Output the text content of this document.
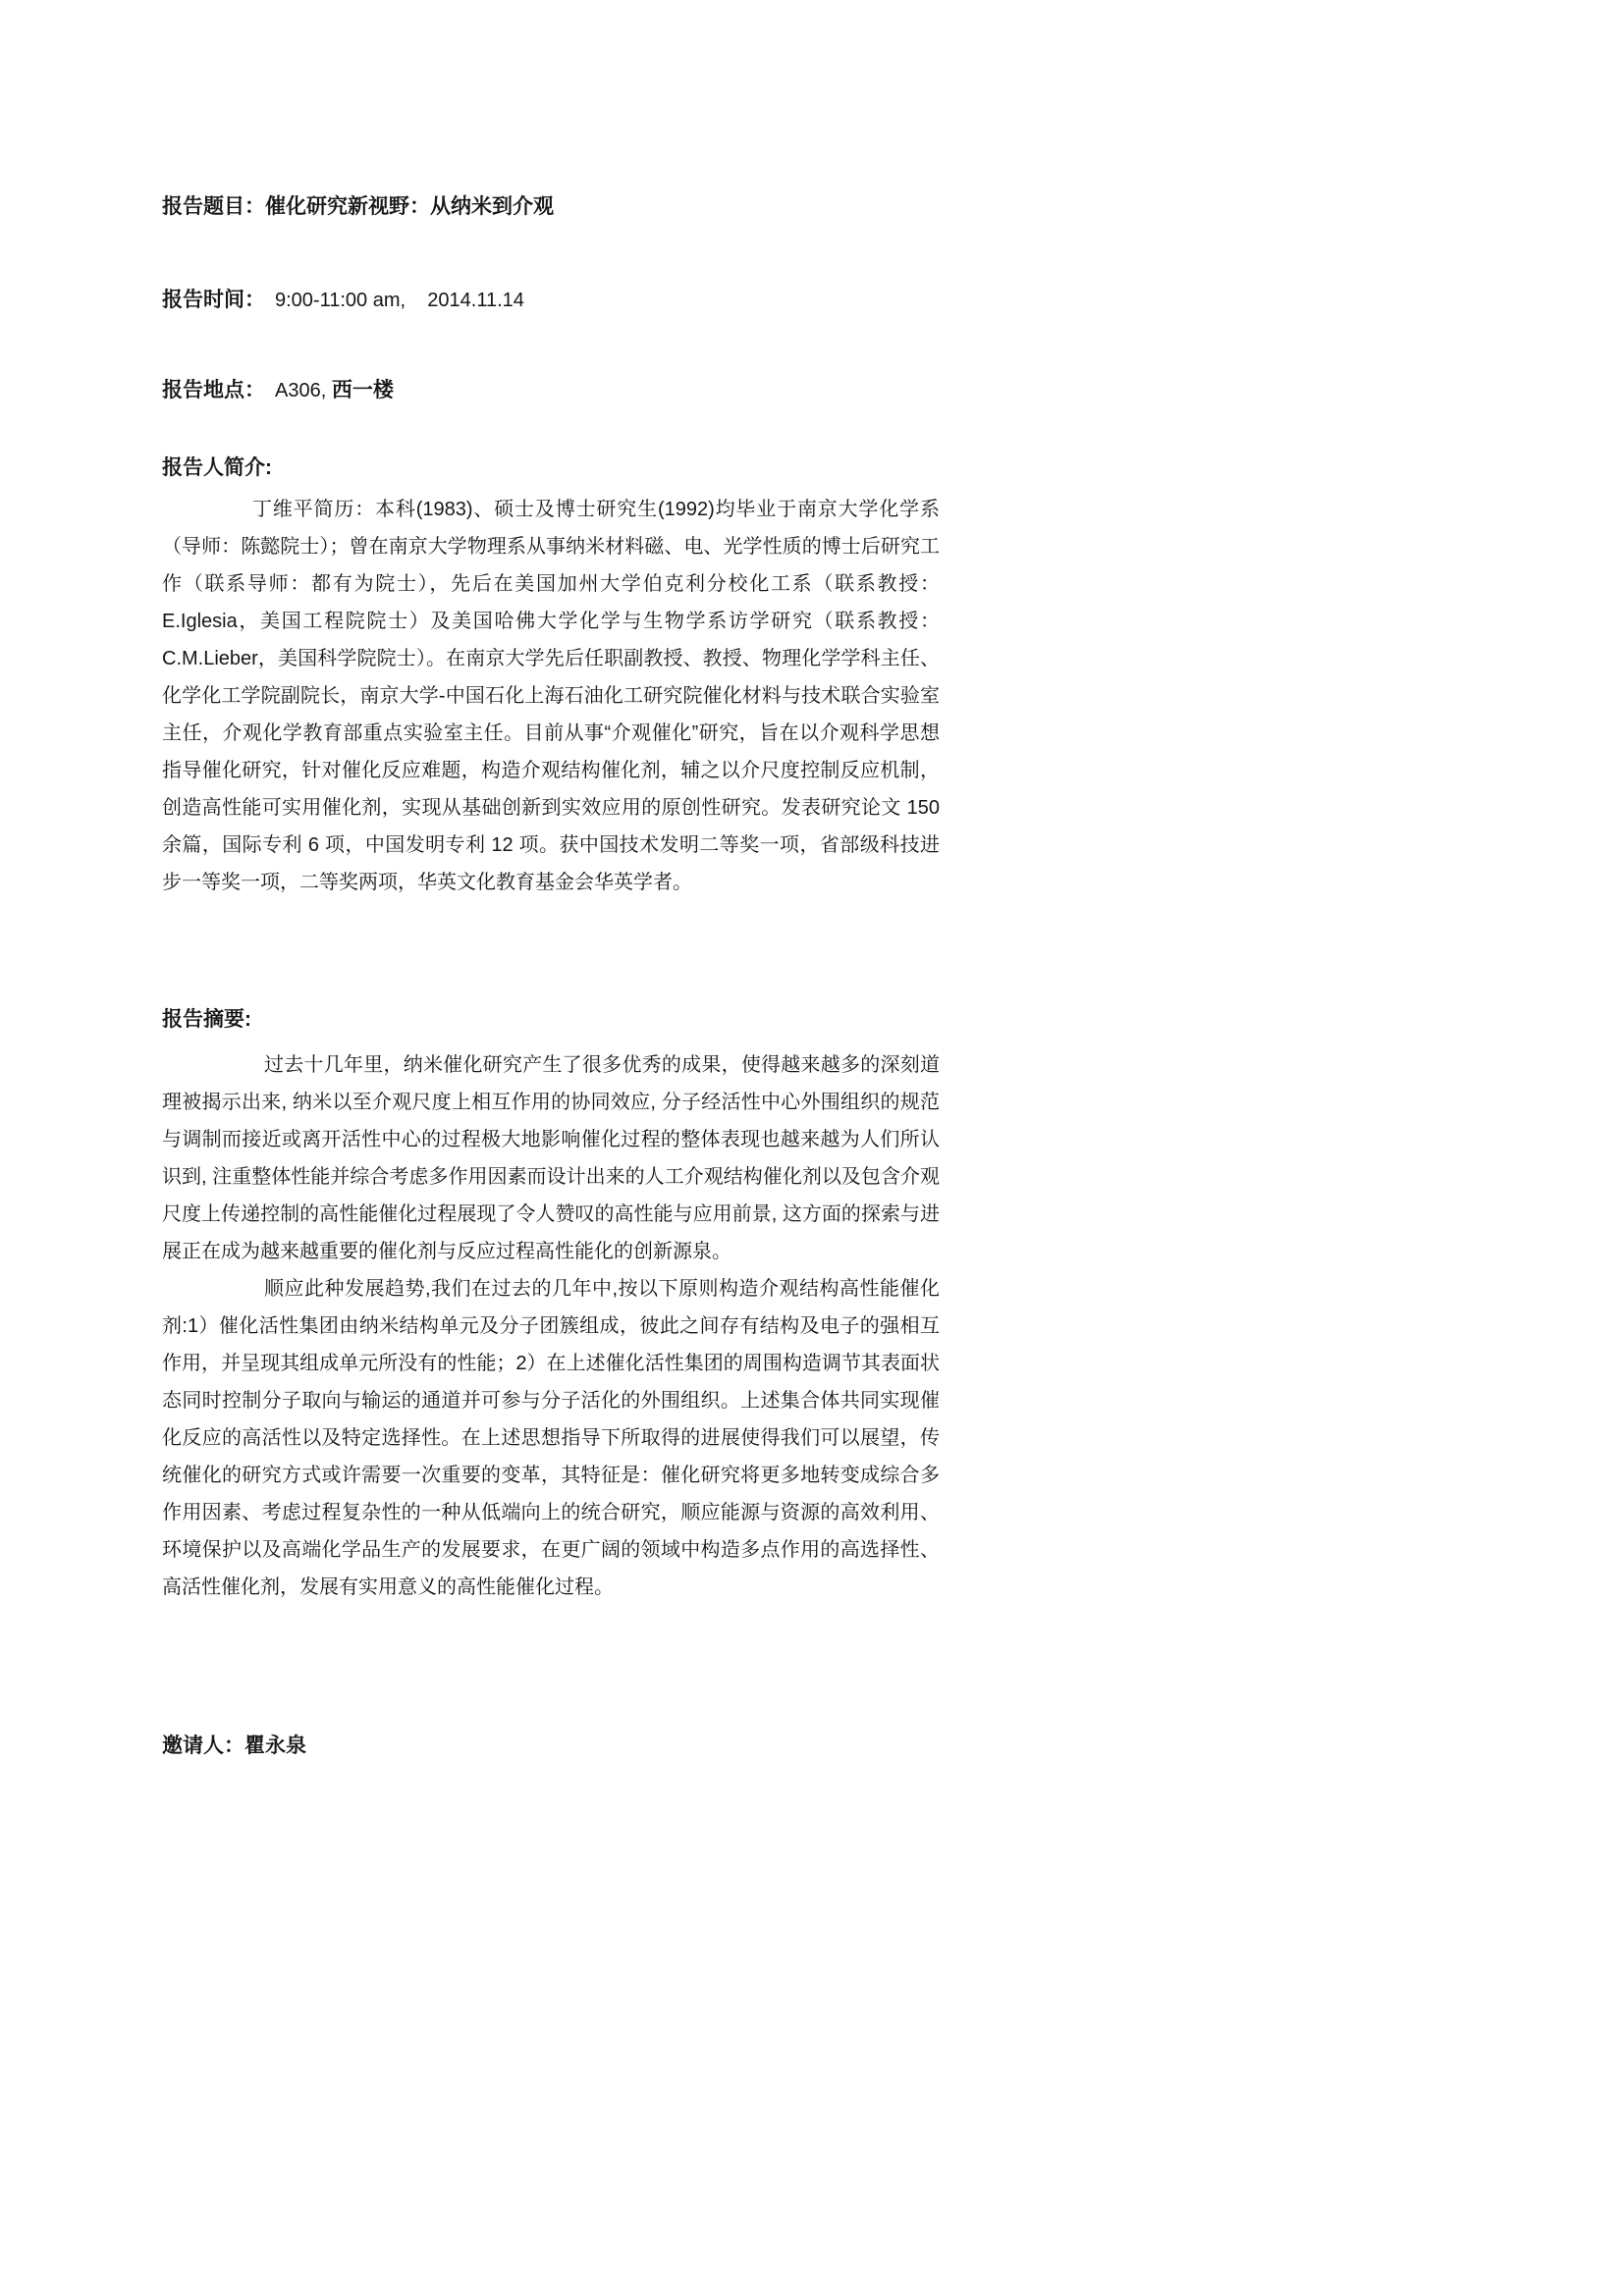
报告题目：催化研究新视野：从纳米到介观
报告时间： 9:00-11:00 am,    2014.11.14
报告地点： A306, 西一楼
报告人简介:

丁维平简历：本科(1983)、硕士及博士研究生(1992)均毕业于南京大学化学系（导师：陈懿院士）；曾在南京大学物理系从事纳米材料磁、电、光学性质的博士后研究工作（联系导师：都有为院士），先后在美国加州大学伯克利分校化工系（联系教授：E.Iglesia，美国工程院院士）及美国哈佛大学化学与生物学系访学研究（联系教授：C.M.Lieber，美国科学院院士）。在南京大学先后任职副教授、教授、物理化学学科主任、化学化工学院副院长，南京大学-中国石化上海石油化工研究院催化材料与技术联合实验室主任，介观化学教育部重点实验室主任。目前从事“介观催化”研究，旨在以介观科学思想指导催化研究，针对催化反应难题，构造介观结构催化剂，辅之以介尺度控制反应机制，创造高性能可实用催化剂，实现从基础创新到实效应用的原创性研究。发表研究论文 150 余篇，国际专利 6 项，中国发明专利 12 项。获中国技术发明二等奖一项，省部级科技进步一等奖一项，二等奖两项，华英文化教育基金会华英学者。

报告摘要:

过去十几年里，纳米催化研究产生了很多优秀的成果，使得越来越多的深刻道理被揭示出来, 纳米以至介观尺度上相互作用的协同效应, 分子经活性中心外围组织的规范与调制而接近或离开活性中心的过程极大地影响催化过程的整体表现也越来越为人们所认识到, 注重整体性能并综合考虑多作用因素而设计出来的人工介观结构催化剂以及包含介观尺度上传递控制的高性能催化过程展现了令人赞叹的高性能与应用前景, 这方面的探索与进展正在成为越来越重要的催化剂与反应过程高性能化的创新源泉。

顺应此种发展趋势,我们在过去的几年中,按以下原则构造介观结构高性能催化剂:1）催化活性集团由纳米结构单元及分子团簇组成，彼此之间存有结构及电子的强相互作用，并呈现其组成单元所没有的性能；2）在上述催化活性集团的周围构造调节其表面状态同时控制分子取向与输运的通道并可参与分子活化的外围组织。上述集合体共同实现催化反应的高活性以及特定选择性。在上述思想指导下所取得的进展使得我们可以展望，传统催化的研究方式或许需要一次重要的变革，其特征是：催化研究将更多地转变成综合多作用因素、考虑过程复杂性的一种从低端向上的统合研究，顺应能源与资源的高效利用、环境保护以及高端化学品生产的发展要求，在更广阔的领域中构造多点作用的高选择性、高活性催化剂，发展有实用意义的高性能催化过程。

邀请人：瞿永泉
